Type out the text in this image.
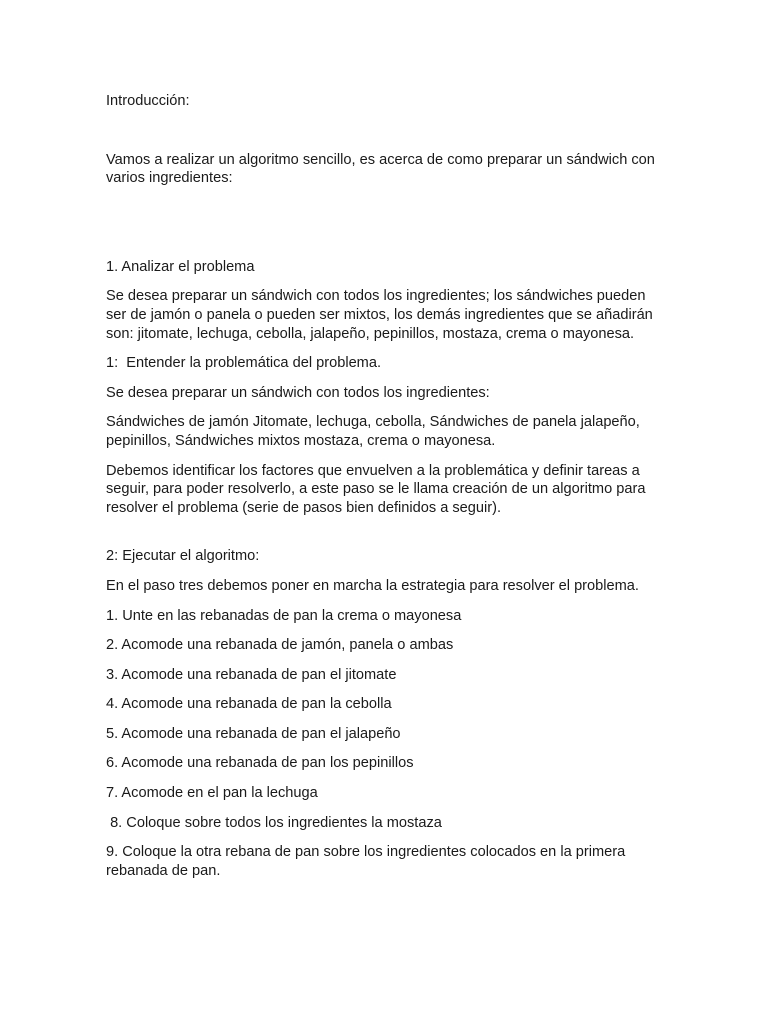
Introducción:

Vamos a realizar un algoritmo sencillo, es acerca de como preparar un sándwich con varios ingredientes:

1. Analizar el problema

Se desea preparar un sándwich con todos los ingredientes; los sándwiches pueden ser de jamón o panela o pueden ser mixtos, los demás ingredientes que se añadirán son: jitomate, lechuga, cebolla, jalapeño, pepinillos, mostaza, crema o mayonesa.

1:  Entender la problemática del problema.

Se desea preparar un sándwich con todos los ingredientes:

Sándwiches de jamón Jitomate, lechuga, cebolla, Sándwiches de panela jalapeño, pepinillos, Sándwiches mixtos mostaza, crema o mayonesa.

Debemos identificar los factores que envuelven a la problemática y definir tareas a seguir, para poder resolverlo, a este paso se le llama creación de un algoritmo para resolver el problema (serie de pasos bien definidos a seguir).

2: Ejecutar el algoritmo:

En el paso tres debemos poner en marcha la estrategia para resolver el problema.

1. Unte en las rebanadas de pan la crema o mayonesa

2. Acomode una rebanada de jamón, panela o ambas

3. Acomode una rebanada de pan el jitomate

4. Acomode una rebanada de pan la cebolla

5. Acomode una rebanada de pan el jalapeño

6. Acomode una rebanada de pan los pepinillos

7. Acomode en el pan la lechuga

8. Coloque sobre todos los ingredientes la mostaza

9. Coloque la otra rebana de pan sobre los ingredientes colocados en la primera rebanada de pan.
